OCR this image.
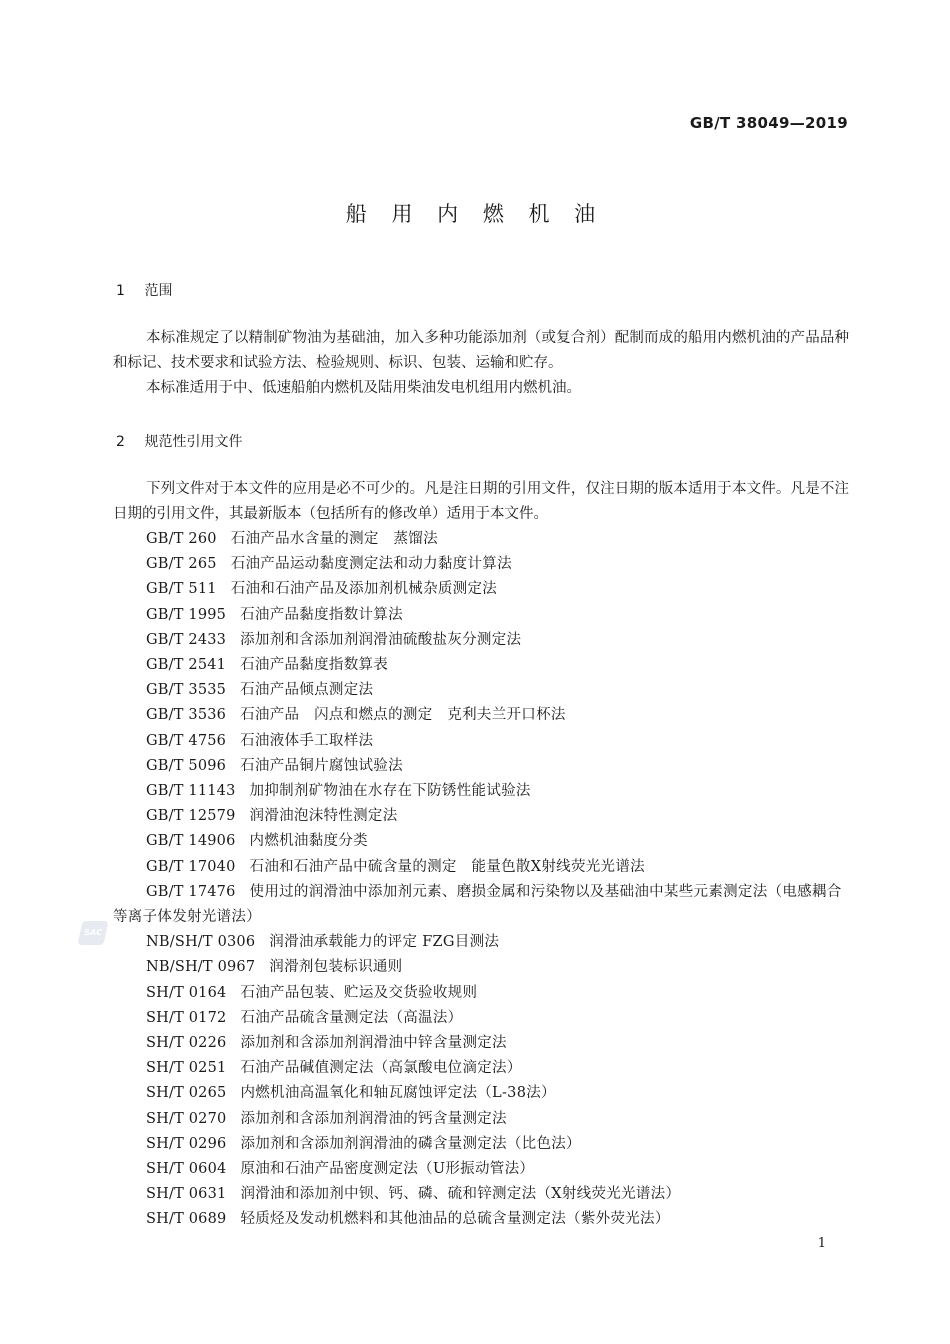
GB/T 38049—2019
船 用 内 燃 机 油
1 范围
本标准规定了以精制矿物油为基础油，加入多种功能添加剂（或复合剂）配制而成的船用内燃机油的产品品种和标记、技术要求和试验方法、检验规则、标识、包装、运输和贮存。
本标准适用于中、低速船舶内燃机及陆用柴油发电机组用内燃机油。
2 规范性引用文件
下列文件对于本文件的应用是必不可少的。凡是注日期的引用文件，仅注日期的版本适用于本文件。凡是不注日期的引用文件，其最新版本（包括所有的修改单）适用于本文件。
GB/T 260 石油产品水含量的测定　蒸馏法
GB/T 265 石油产品运动黏度测定法和动力黏度计算法
GB/T 511 石油和石油产品及添加剂机械杂质测定法
GB/T 1995 石油产品黏度指数计算法
GB/T 2433 添加剂和含添加剂润滑油硫酸盐灰分测定法
GB/T 2541 石油产品黏度指数算表
GB/T 3535 石油产品倾点测定法
GB/T 3536 石油产品　闪点和燃点的测定　克利夫兰开口杯法
GB/T 4756 石油液体手工取样法
GB/T 5096 石油产品铜片腐蚀试验法
GB/T 11143 加抑制剂矿物油在水存在下防锈性能试验法
GB/T 12579 润滑油泡沫特性测定法
GB/T 14906 内燃机油黏度分类
GB/T 17040 石油和石油产品中硫含量的测定　能量色散X射线荧光光谱法
GB/T 17476 使用过的润滑油中添加剂元素、磨损金属和污染物以及基础油中某些元素测定法（电感耦合等离子体发射光谱法）
NB/SH/T 0306 润滑油承载能力的评定 FZG目测法
NB/SH/T 0967 润滑剂包装标识通则
SH/T 0164 石油产品包装、贮运及交货验收规则
SH/T 0172 石油产品硫含量测定法（高温法）
SH/T 0226 添加剂和含添加剂润滑油中锌含量测定法
SH/T 0251 石油产品碱值测定法（高氯酸电位滴定法）
SH/T 0265 内燃机油高温氧化和轴瓦腐蚀评定法（L-38法）
SH/T 0270 添加剂和含添加剂润滑油的钙含量测定法
SH/T 0296 添加剂和含添加剂润滑油的磷含量测定法（比色法）
SH/T 0604 原油和石油产品密度测定法（U形振动管法）
SH/T 0631 润滑油和添加剂中钡、钙、磷、硫和锌测定法（X射线荧光光谱法）
SH/T 0689 轻质烃及发动机燃料和其他油品的总硫含量测定法（紫外荧光法）
SAC
1
